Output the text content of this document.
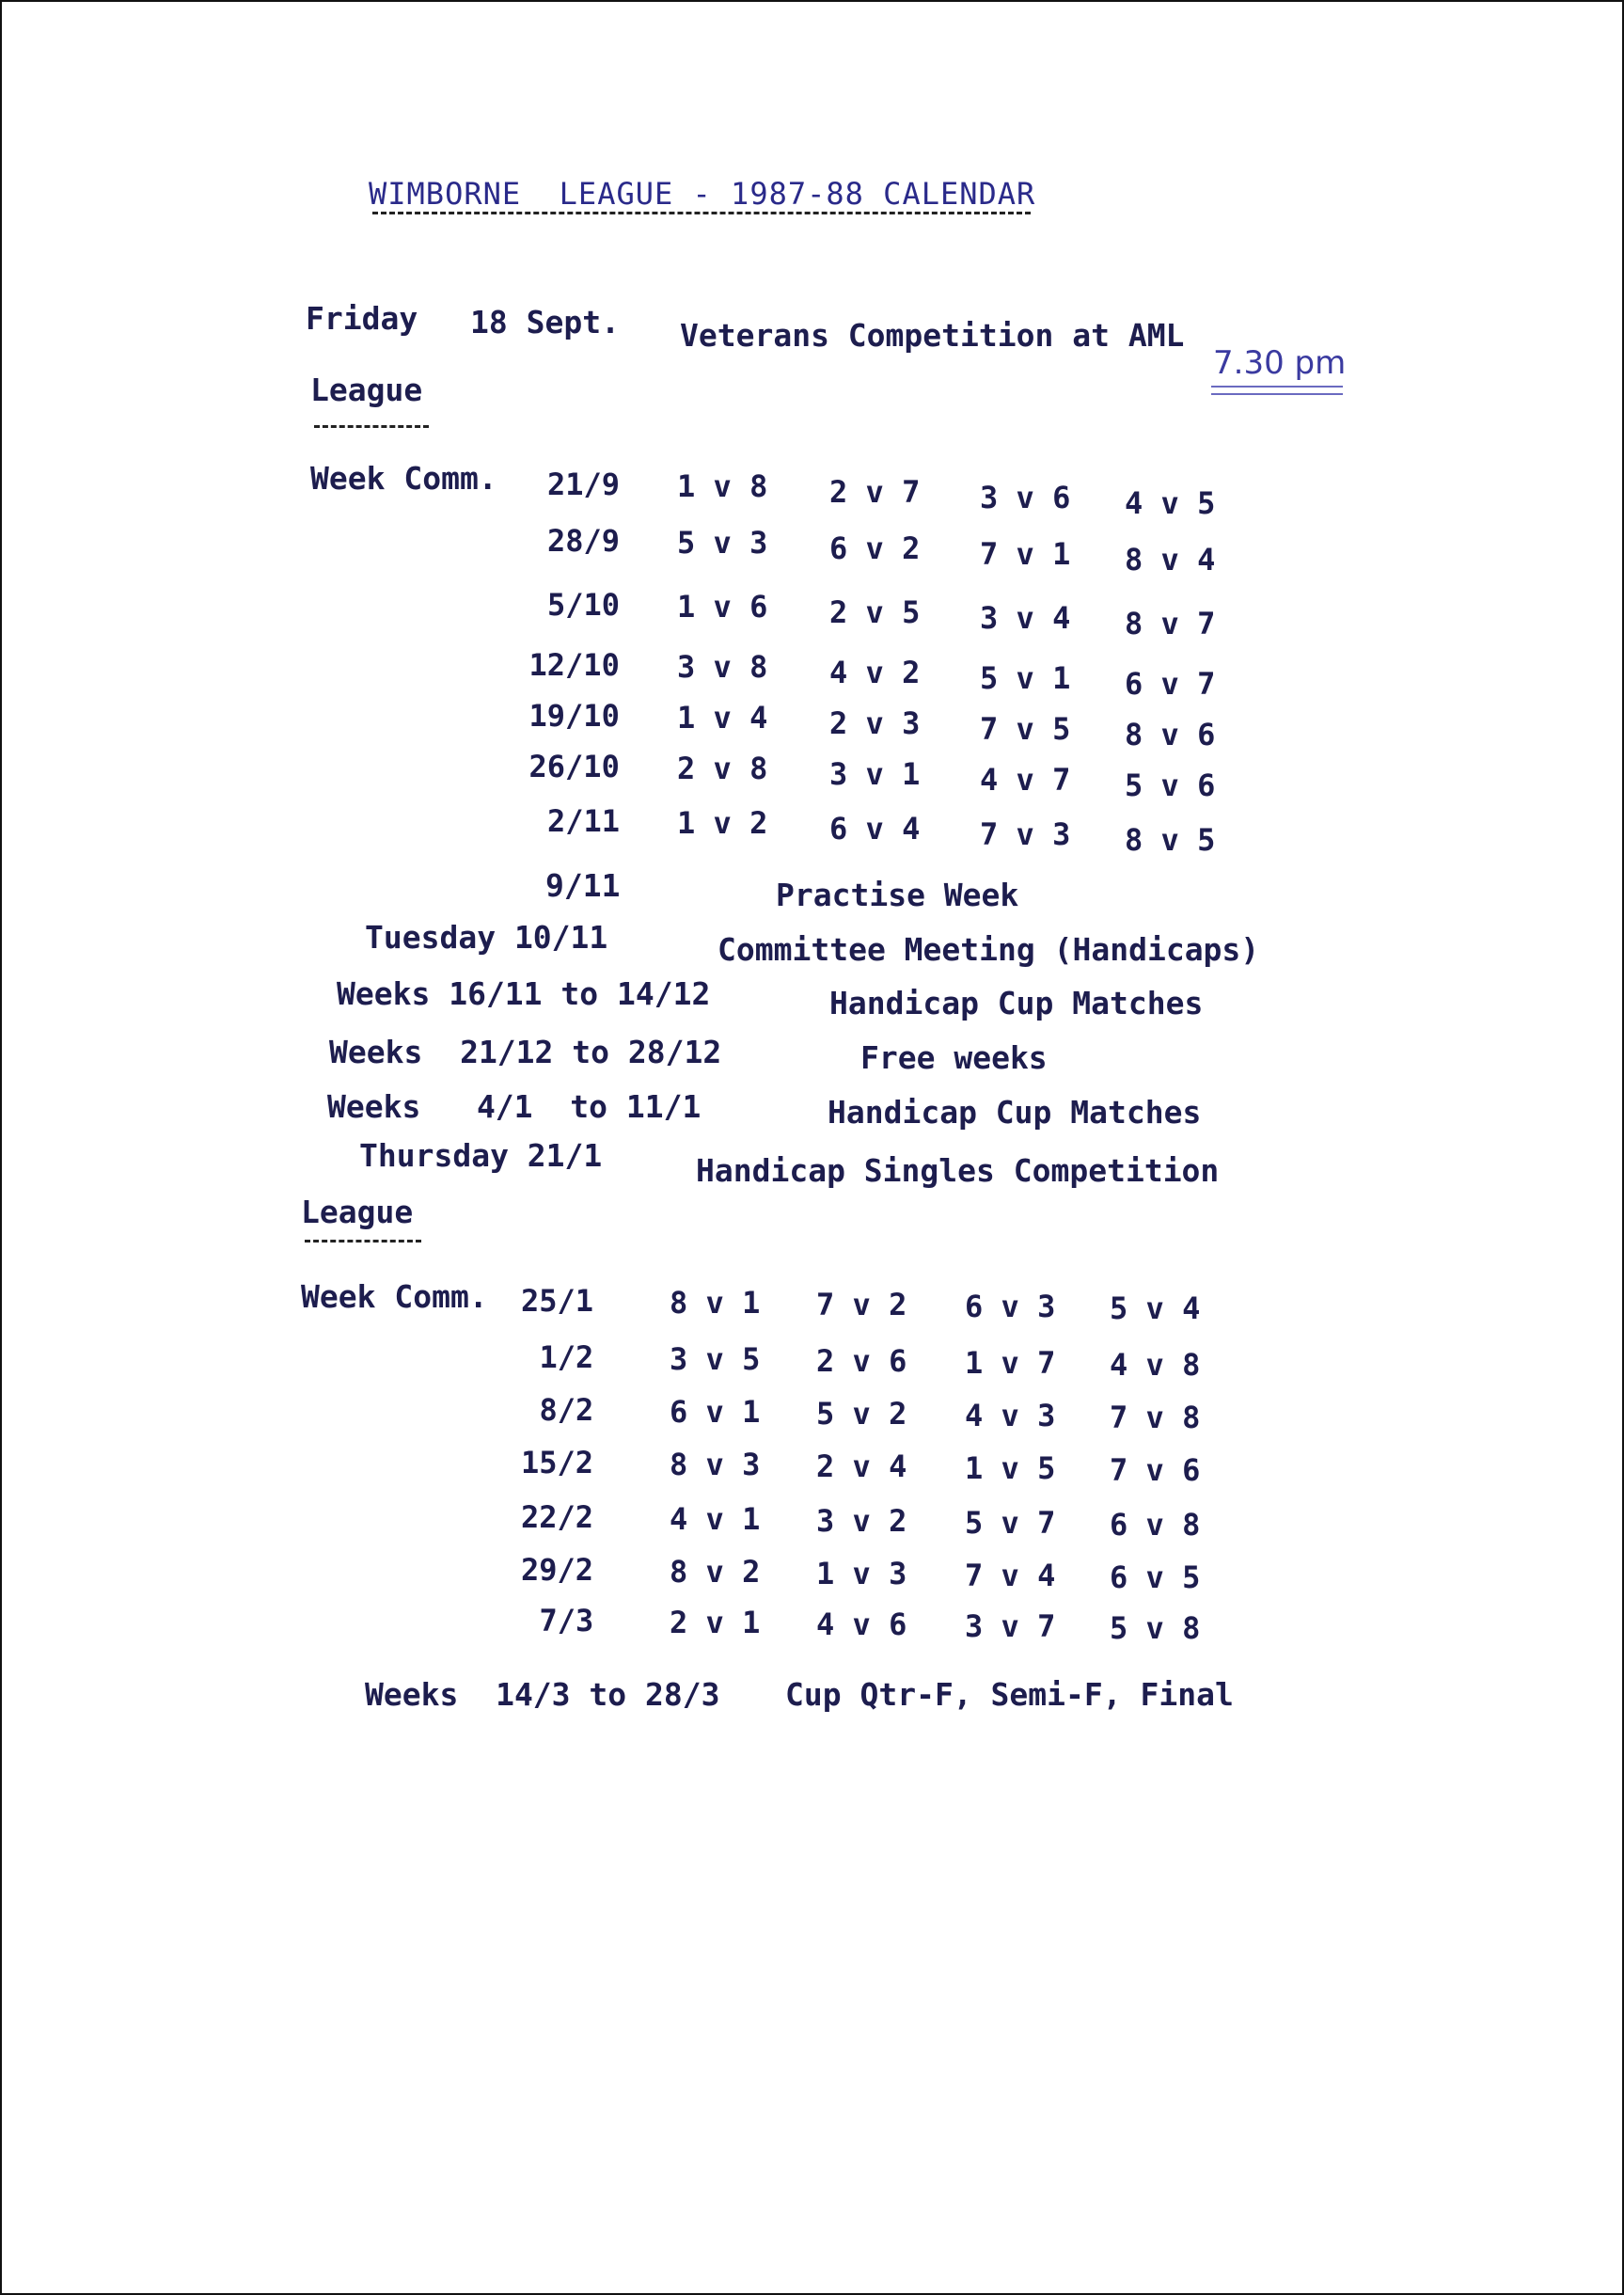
WIMBORNE  LEAGUE - 1987-88 CALENDAR
Friday 18 Sept. Veterans Competition at AML
7.30 pm
League
Week Comm. 21/9 1 v 8 2 v 7 3 v 6 4 v 5
28/9 5 v 3 6 v 2 7 v 1 8 v 4
5/10 1 v 6 2 v 5 3 v 4 8 v 7
12/10 3 v 8 4 v 2 5 v 1 6 v 7
19/10 1 v 4 2 v 3 7 v 5 8 v 6
26/10 2 v 8 3 v 1 4 v 7 5 v 6
2/11 1 v 2 6 v 4 7 v 3 8 v 5
9/11	Practise Week
Tuesday 10/11	Committee Meeting (Handicaps)
Weeks 16/11 to 14/12	Handicap Cup Matches
Weeks  21/12 to 28/12	Free weeks
Weeks   4/1  to 11/1	Handicap Cup Matches
Thursday 21/1	Handicap Singles Competition
League
Week Comm. 25/1	8 v 1 7 v 2 6 v 3 5 v 4
1/2	3 v 5 2 v 6 1 v 7 4 v 8
8/2	6 v 1 5 v 2 4 v 3 7 v 8
15/2	8 v 3 2 v 4 1 v 5 7 v 6
22/2	4 v 1 3 v 2 5 v 7 6 v 8
29/2	8 v 2 1 v 3 7 v 4 6 v 5
7/3	2 v 1 4 v 6 3 v 7 5 v 8
Weeks  14/3 to 28/3 Cup Qtr-F, Semi-F, Final
